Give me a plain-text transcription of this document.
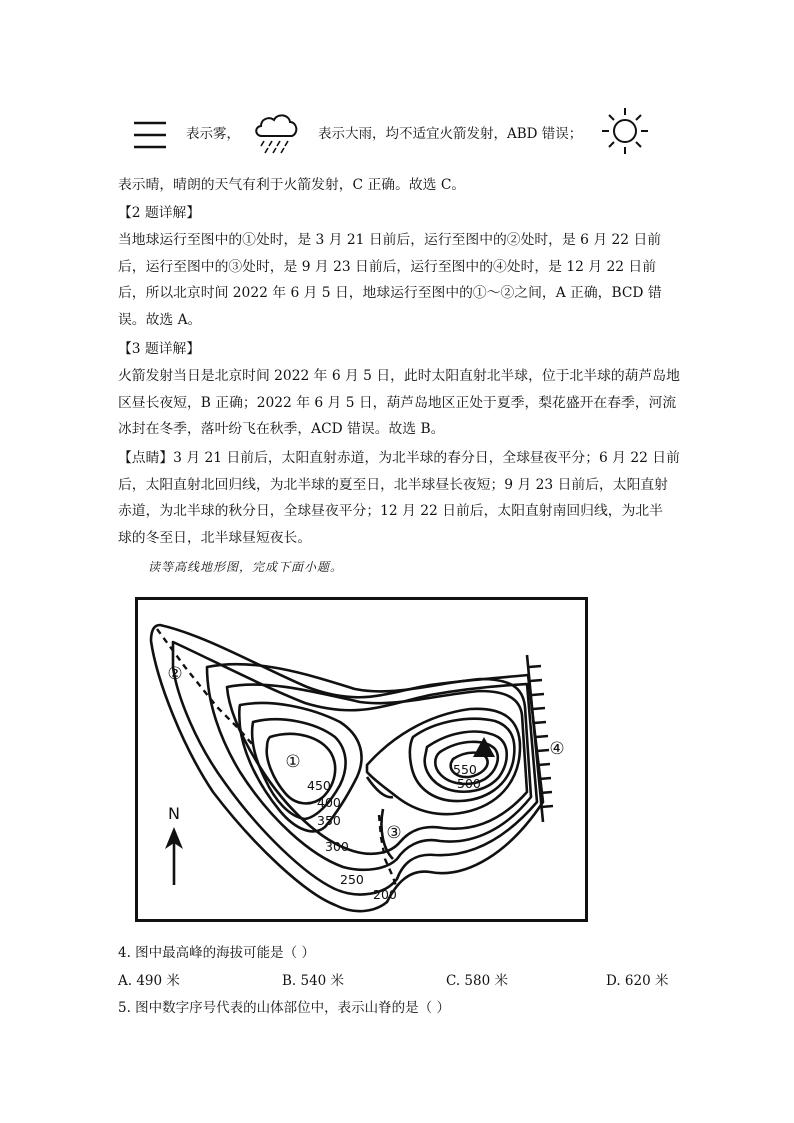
表示雾，	表示大雨，均不适宜火箭发射，ABD 错误；
表示晴，晴朗的天气有利于火箭发射，C 正确。故选 C。
【2 题详解】
当地球运行至图中的①处时，是 3 月 21 日前后，运行至图中的②处时，是 6 月 22 日前
后，运行至图中的③处时，是 9 月 23 日前后，运行至图中的④处时，是 12 月 22 日前
后，所以北京时间 2022 年 6 月 5 日，地球运行至图中的①～②之间，A 正确，BCD 错
误。故选 A。
【3 题详解】
火箭发射当日是北京时间 2022 年 6 月 5 日，此时太阳直射北半球，位于北半球的葫芦岛地
区昼长夜短，B 正确；2022 年 6 月 5 日，葫芦岛地区正处于夏季，梨花盛开在春季，河流
冰封在冬季，落叶纷飞在秋季，ACD 错误。故选 B。
【点睛】3 月 21 日前后，太阳直射赤道，为北半球的春分日，全球昼夜平分；6 月 22 日前
后，太阳直射北回归线，为北半球的夏至日，北半球昼长夜短；9 月 23 日前后，太阳直射
赤道，为北半球的秋分日，全球昼夜平分；12 月 22 日前后，太阳直射南回归线，为北半
球的冬至日，北半球昼短夜长。
读等高线地形图，完成下面小题。
N
450
400
350
300
250
200
550
500
①
②
③
④
4. 图中最高峰的海拔可能是（ ）
A. 490 米	B. 540 米	C. 580 米	D. 620 米
5. 图中数字序号代表的山体部位中，表示山脊的是（ ）
